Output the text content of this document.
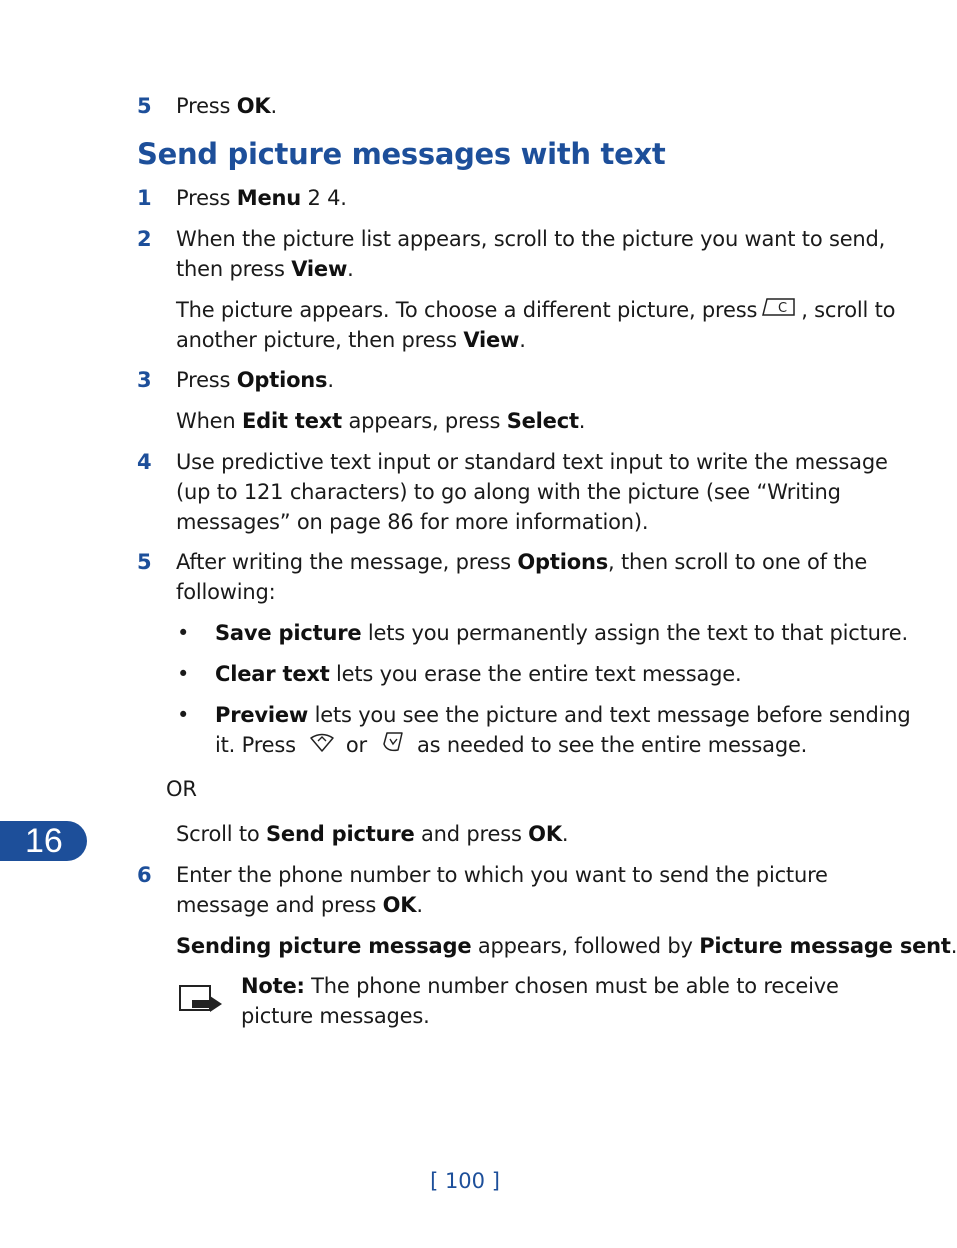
5 Press OK.
Send picture messages with text
1 Press Menu 2 4.
2 When the picture list appears, scroll to the picture you want to send,
then press View.
The picture appears. To choose a different picture, press C , scroll to
another picture, then press View.
3 Press Options.
When Edit text appears, press Select.
4 Use predictive text input or standard text input to write the message
(up to 121 characters) to go along with the picture (see “Writing
messages” on page 86 for more information).
5 After writing the message, press Options, then scroll to one of the
following:
• Save picture lets you permanently assign the text to that picture.
• Clear text lets you erase the entire text message.
• Preview lets you see the picture and text message before sending
it. Press or as needed to see the entire message.
OR
Scroll to Send picture and press OK.
6 Enter the phone number to which you want to send the picture
message and press OK.
Sending picture message appears, followed by Picture message sent.
Note: The phone number chosen must be able to receive
picture messages.
16
[ 100 ]
